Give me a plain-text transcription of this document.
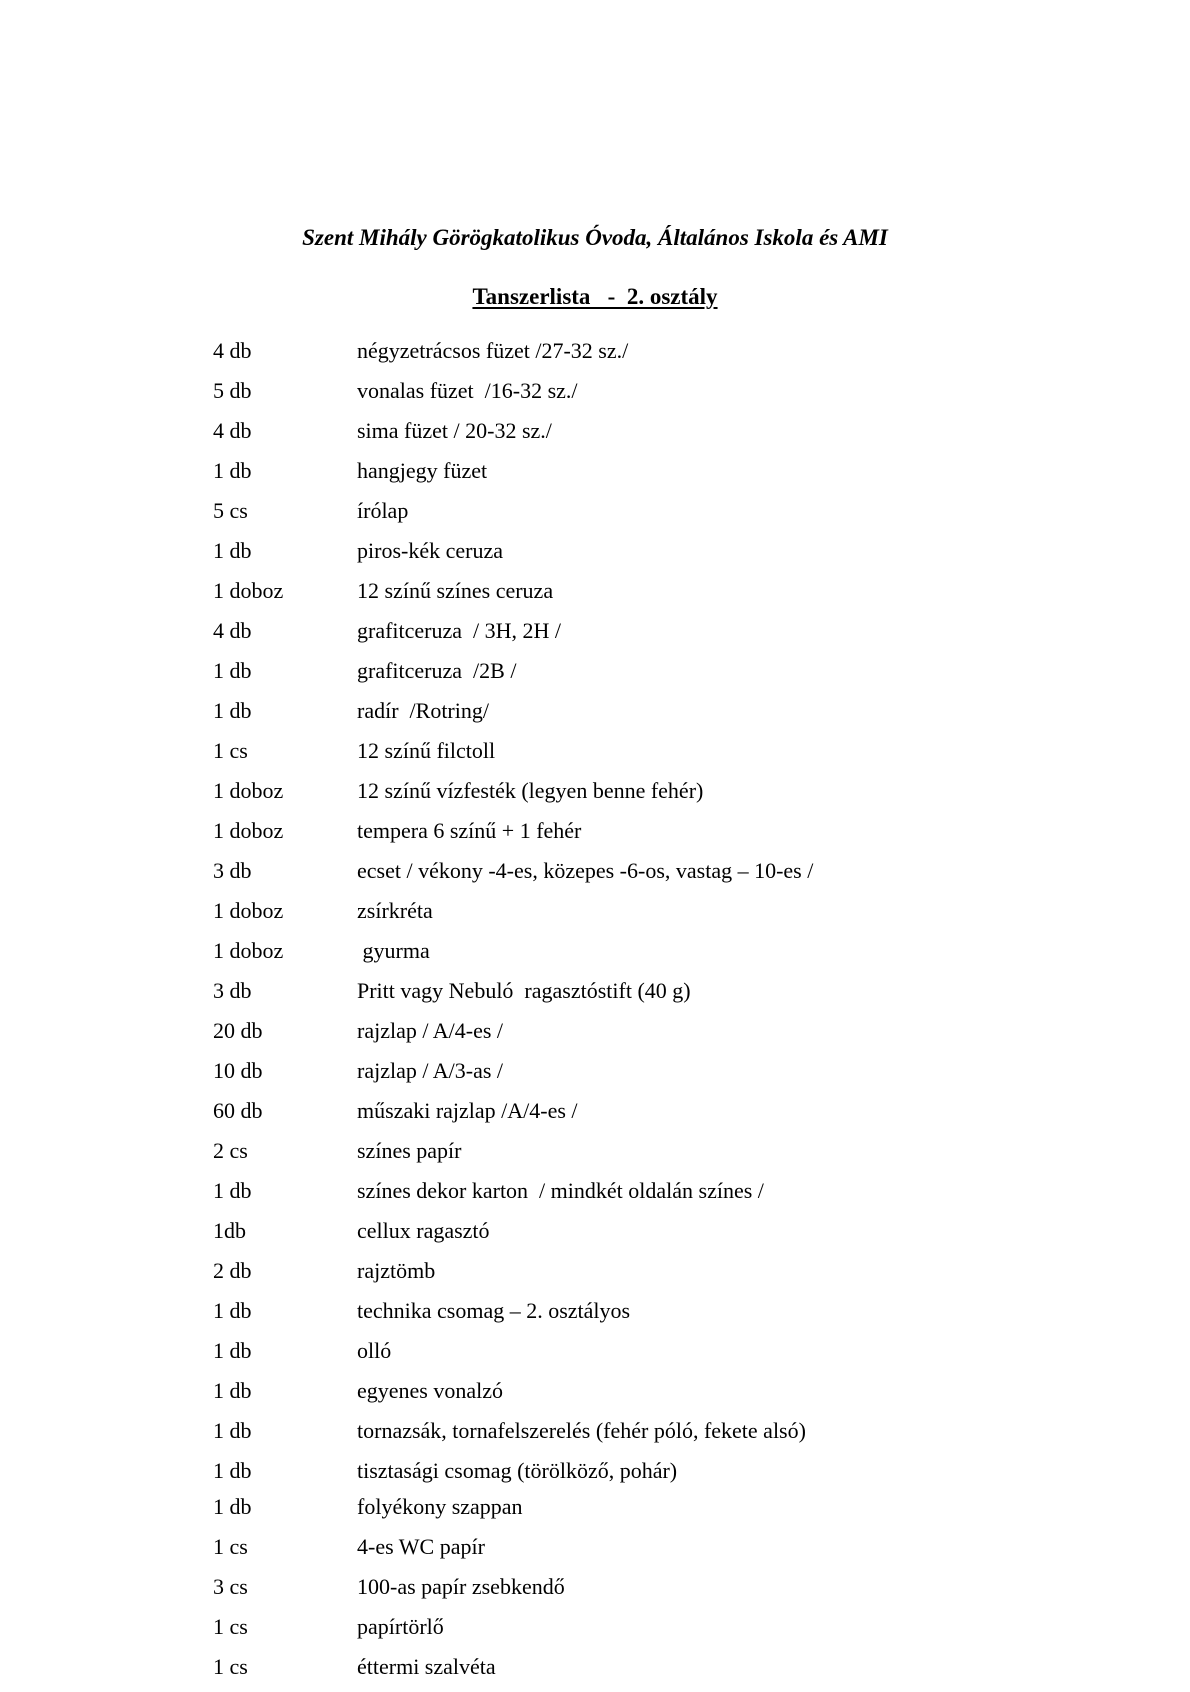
Szent Mihály Görögkatolikus Óvoda, Általános Iskola és AMI
Tanszerlista   -  2. osztály
4 db	négyzetrácsos füzet /27-32 sz./
5 db	vonalas füzet  /16-32 sz./
4 db	sima füzet / 20-32 sz./
1 db	hangjegy füzet
5 cs	írólap
1 db	piros-kék ceruza
1 doboz	12 színű színes ceruza
4 db	grafitceruza  / 3H, 2H /
1 db	grafitceruza  /2B /
1 db	radír  /Rotring/
1 cs	12 színű filctoll
1 doboz	12 színű vízfesték (legyen benne fehér)
1 doboz	tempera 6 színű + 1 fehér
3 db	ecset / vékony -4-es, közepes -6-os, vastag – 10-es /
1 doboz	zsírkréta
1 doboz	gyurma
3 db	Pritt vagy Nebuló  ragasztóstift (40 g)
20 db	rajzlap / A/4-es /
10 db	rajzlap / A/3-as /
60 db	műszaki rajzlap /A/4-es /
2 cs	színes papír
1 db	színes dekor karton  / mindkét oldalán színes /
1db	cellux ragasztó
2 db	rajztömb
1 db	technika csomag – 2. osztályos
1 db	olló
1 db	egyenes vonalzó
1 db	tornazsák, tornafelszerelés (fehér póló, fekete alsó)
1 db	tisztasági csomag (törölköző, pohár)
1 db	folyékony szappan
1 cs	4-es WC papír
3 cs	100-as papír zsebkendő
1 cs	papírtörlő
1 cs	éttermi szalvéta
